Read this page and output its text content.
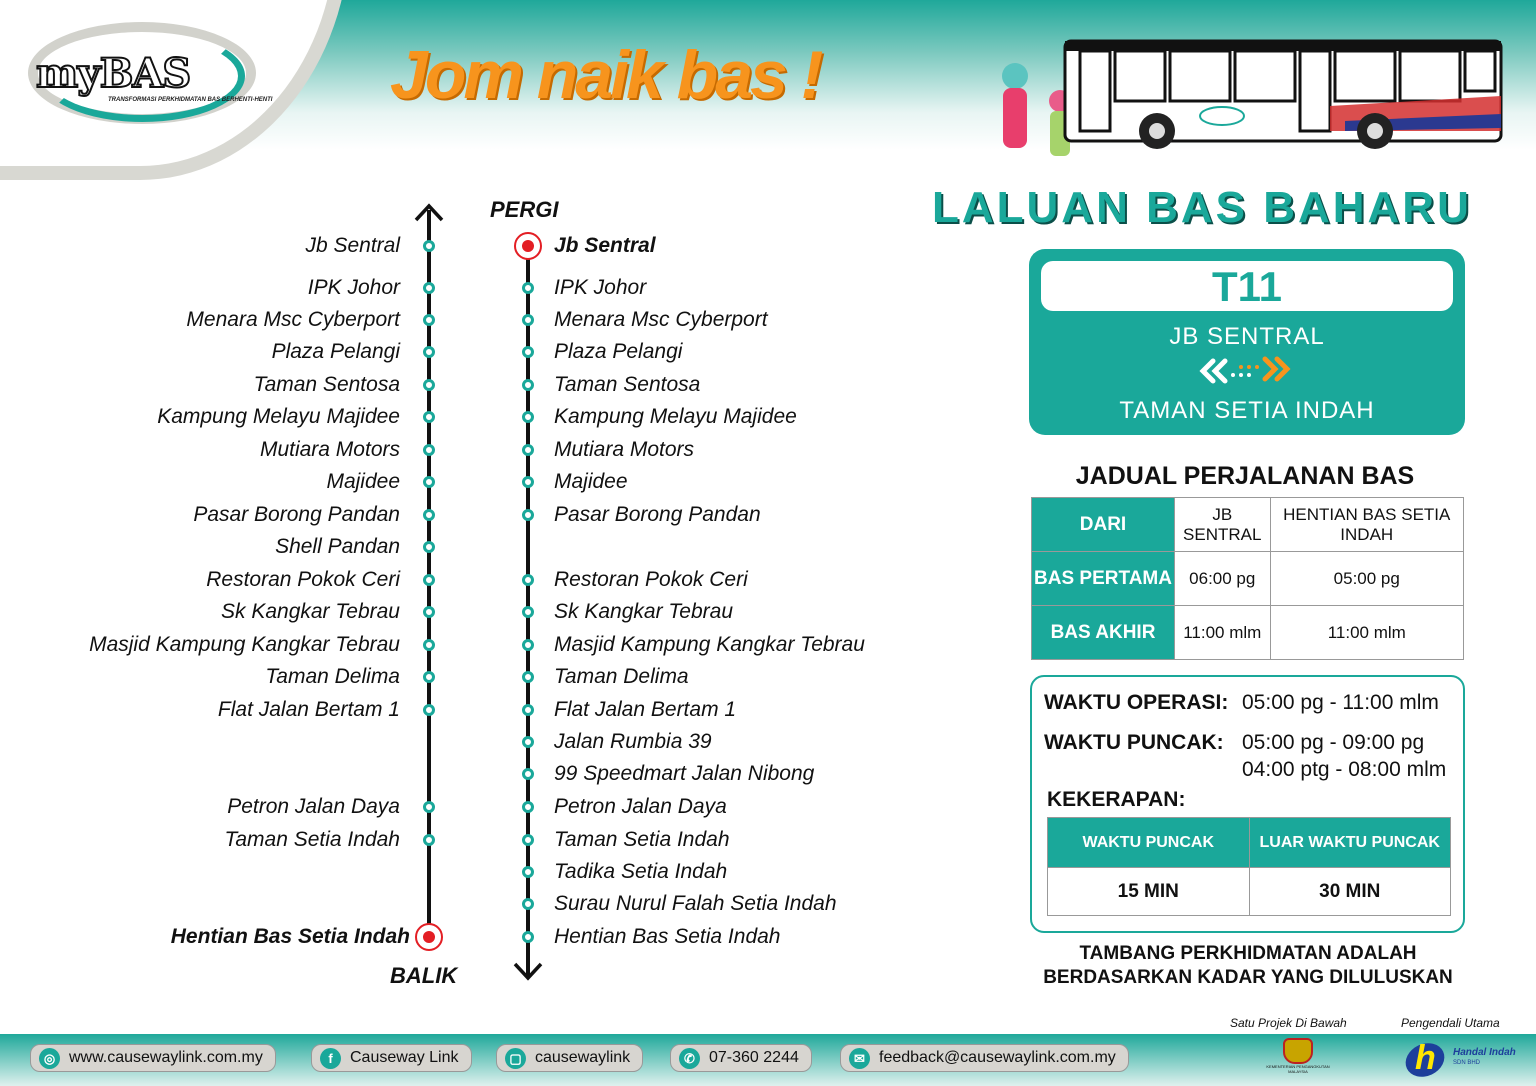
myBAS
TRANSFORMASI PERKHIDMATAN BAS BERHENTI-HENTI Jom naik bas !
LALUAN BAS BAHARU
PERGI
BALIK
Jb Sentral
IPK Johor
Menara Msc Cyberport
Plaza Pelangi
Taman Sentosa
Kampung Melayu Majidee
Mutiara Motors
Majidee
Pasar Borong Pandan
Shell Pandan
Restoran Pokok Ceri
Sk Kangkar Tebrau
Masjid Kampung Kangkar Tebrau
Taman Delima
Flat Jalan Bertam 1
Petron Jalan Daya
Taman Setia Indah
Hentian Bas Setia Indah
Jb Sentral
IPK Johor
Menara Msc Cyberport
Plaza Pelangi
Taman Sentosa
Kampung Melayu Majidee
Mutiara Motors
Majidee
Pasar Borong Pandan
Restoran Pokok Ceri
Sk Kangkar Tebrau
Masjid Kampung Kangkar Tebrau
Taman Delima
Flat Jalan Bertam 1
Jalan Rumbia 39
99 Speedmart Jalan Nibong
Petron Jalan Daya
Taman Setia Indah
Tadika Setia Indah
Surau Nurul Falah Setia Indah
Hentian Bas Setia Indah
T11
JB SENTRAL
TAMAN SETIA INDAH
JADUAL PERJALANAN BAS
DARI	JB SENTRAL	HENTIAN BAS SETIA INDAH
BAS PERTAMA	06:00 pg	05:00 pg
BAS AKHIR	11:00 mlm	11:00 mlm
WAKTU OPERASI: 05:00 pg - 11:00 mlm
WAKTU PUNCAK: 05:00 pg - 09:00 pg
04:00 ptg - 08:00 mlm
KEKERAPAN:
WAKTU PUNCAK	LUAR WAKTU PUNCAK
15 MIN	30 MIN
TAMBANG PERKHIDMATAN ADALAH
BERDASARKAN KADAR YANG DILULUSKAN
Satu Projek Di Bawah	Pengendali Utama
◎ www.causewaylink.com.my	f	Causeway Link	▢ causewaylink	✆ 07-360 2244	✉ feedback@causewaylink.com.my
KEMENTERIAN PENGANGKUTAN MALAYSIA	h Handal Indah
SDN BHD
